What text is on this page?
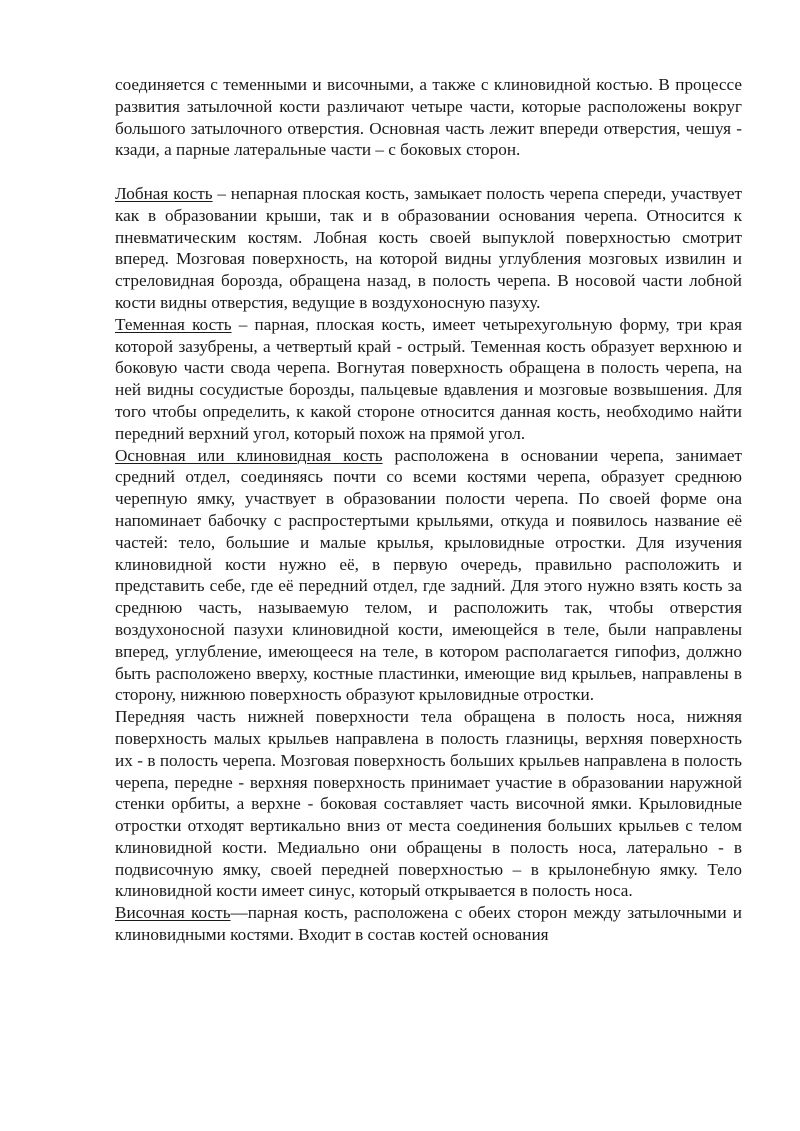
соединяется с теменными и височными, а также с клиновидной костью. В процессе развития затылочной кости различают четыре части, которые расположены вокруг большого затылочного отверстия. Основная часть лежит впереди отверстия, чешуя - кзади, а парные латеральные части – с боковых сторон.

Лобная кость – непарная плоская кость, замыкает полость черепа спереди, участвует как в образовании крыши, так и в образовании основания черепа. Относится к пневматическим костям. Лобная кость своей выпуклой поверхностью смотрит вперед. Мозговая поверхность, на которой видны углубления мозговых извилин и стреловидная борозда, обращена назад, в полость черепа. В носовой части лобной кости видны отверстия, ведущие в воздухоносную пазуху.

Теменная кость – парная, плоская кость, имеет четырехугольную форму, три края которой зазубрены, а четвертый край - острый. Теменная кость образует верхнюю и боковую части свода черепа. Вогнутая поверхность обращена в полость черепа, на ней видны сосудистые борозды, пальцевые вдавления и мозговые возвышения. Для того чтобы определить, к какой стороне относится данная кость, необходимо найти передний верхний угол, который похож на прямой угол.

Основная или клиновидная кость расположена в основании черепа, занимает средний отдел, соединяясь почти со всеми костями черепа, образует среднюю черепную ямку, участвует в образовании полости черепа. По своей форме она напоминает бабочку с распростертыми крыльями, откуда и появилось название её частей: тело, большие и малые крылья, крыловидные отростки. Для изучения клиновидной кости нужно её, в первую очередь, правильно расположить и представить себе, где её передний отдел, где задний. Для этого нужно взять кость за среднюю часть, называемую телом, и расположить так, чтобы отверстия воздухоносной пазухи клиновидной кости, имеющейся в теле, были направлены вперед, углубление, имеющееся на теле, в котором располагается гипофиз, должно быть расположено вверху, костные пластинки, имеющие вид крыльев, направлены в сторону, нижнюю поверхность образуют крыловидные отростки.

Передняя часть нижней поверхности тела обращена в полость носа, нижняя поверхность малых крыльев направлена в полость глазницы, верхняя поверхность их - в полость черепа. Мозговая поверхность больших крыльев направлена в полость черепа, передне - верхняя поверхность принимает участие в образовании наружной стенки орбиты, а верхне - боковая составляет часть височной ямки. Крыловидные отростки отходят вертикально вниз от места соединения больших крыльев с телом клиновидной кости. Медиально они обращены в полость носа, латерально - в подвисочную ямку, своей передней поверхностью – в крылонебную ямку. Тело клиновидной кости имеет синус, который открывается в полость носа.

Височная кость—парная кость, расположена с обеих сторон между затылочными и клиновидными костями. Входит в состав костей основания
